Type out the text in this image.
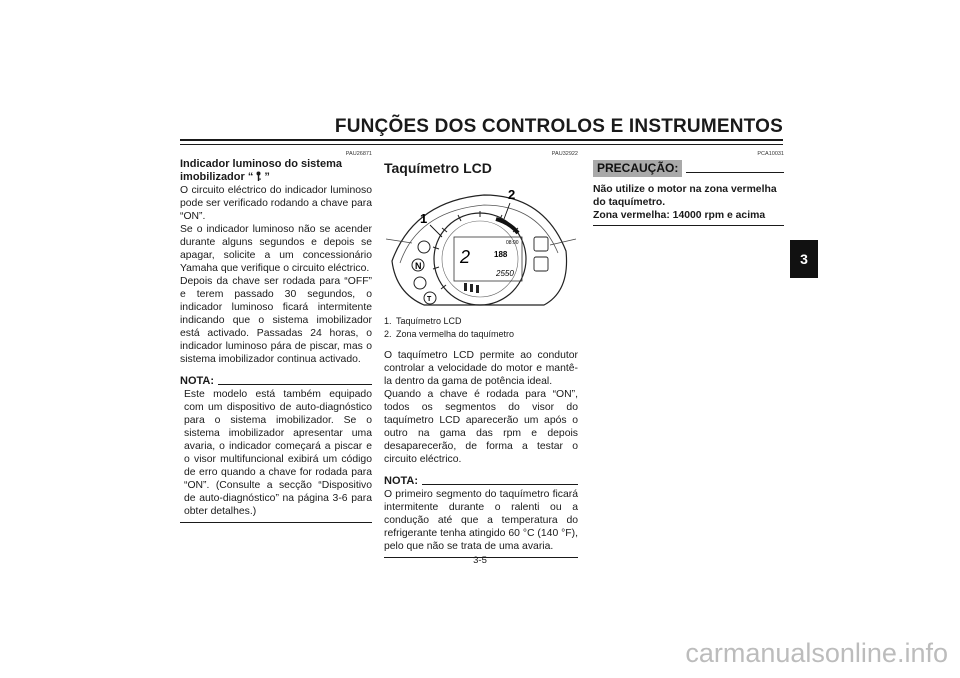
FUNÇÕES DOS CONTROLOS E INSTRUMENTOS
3
PAU26871
Indicador luminoso do sistema imobilizador “ ”

O circuito eléctrico do indicador luminoso pode ser verificado rodando a chave para “ON”.

Se o indicador luminoso não se acender durante alguns segundos e depois se apagar, solicite a um concessionário Yamaha que verifique o circuito eléctrico.

Depois da chave ser rodada para “OFF” e terem passado 30 segundos, o indicador luminoso ficará intermitente indicando que o sistema imobilizador está activado. Passadas 24 horas, o indicador luminoso pára de piscar, mas o sistema imobilizador continua activado.

NOTA:

Este modelo está também equipado com um dispositivo de auto-diagnóstico para o sistema imobilizador. Se o sistema imobilizador apresentar uma avaria, o indicador começará a piscar e o visor multifuncional exibirá um código de erro quando a chave for rodada para “ON”. (Consulte a secção “Dispositivo de auto-diagnóstico” na página 3-6 para obter detalhes.)

PAU32922
Taquímetro LCD
N
T
2	188
2550
08:00
1
2
1. Taquímetro LCD
2. Zona vermelha do taquímetro

O taquímetro LCD permite ao condutor controlar a velocidade do motor e mantê-la dentro da gama de potência ideal.

Quando a chave é rodada para “ON”, todos os segmentos do visor do taquímetro LCD aparecerão um após o outro na gama das rpm e depois desaparecerão, de forma a testar o circuito eléctrico.

NOTA:

O primeiro segmento do taquímetro ficará intermitente durante o ralenti ou a condução até que a temperatura do refrigerante tenha atingido 60 °C (140 °F), pelo que não se trata de uma avaria.

PCA10031
PRECAUÇÃO:
Não utilize o motor na zona vermelha do taquímetro.
Zona vermelha: 14000 rpm e acima
3-5
carmanualsonline.info
